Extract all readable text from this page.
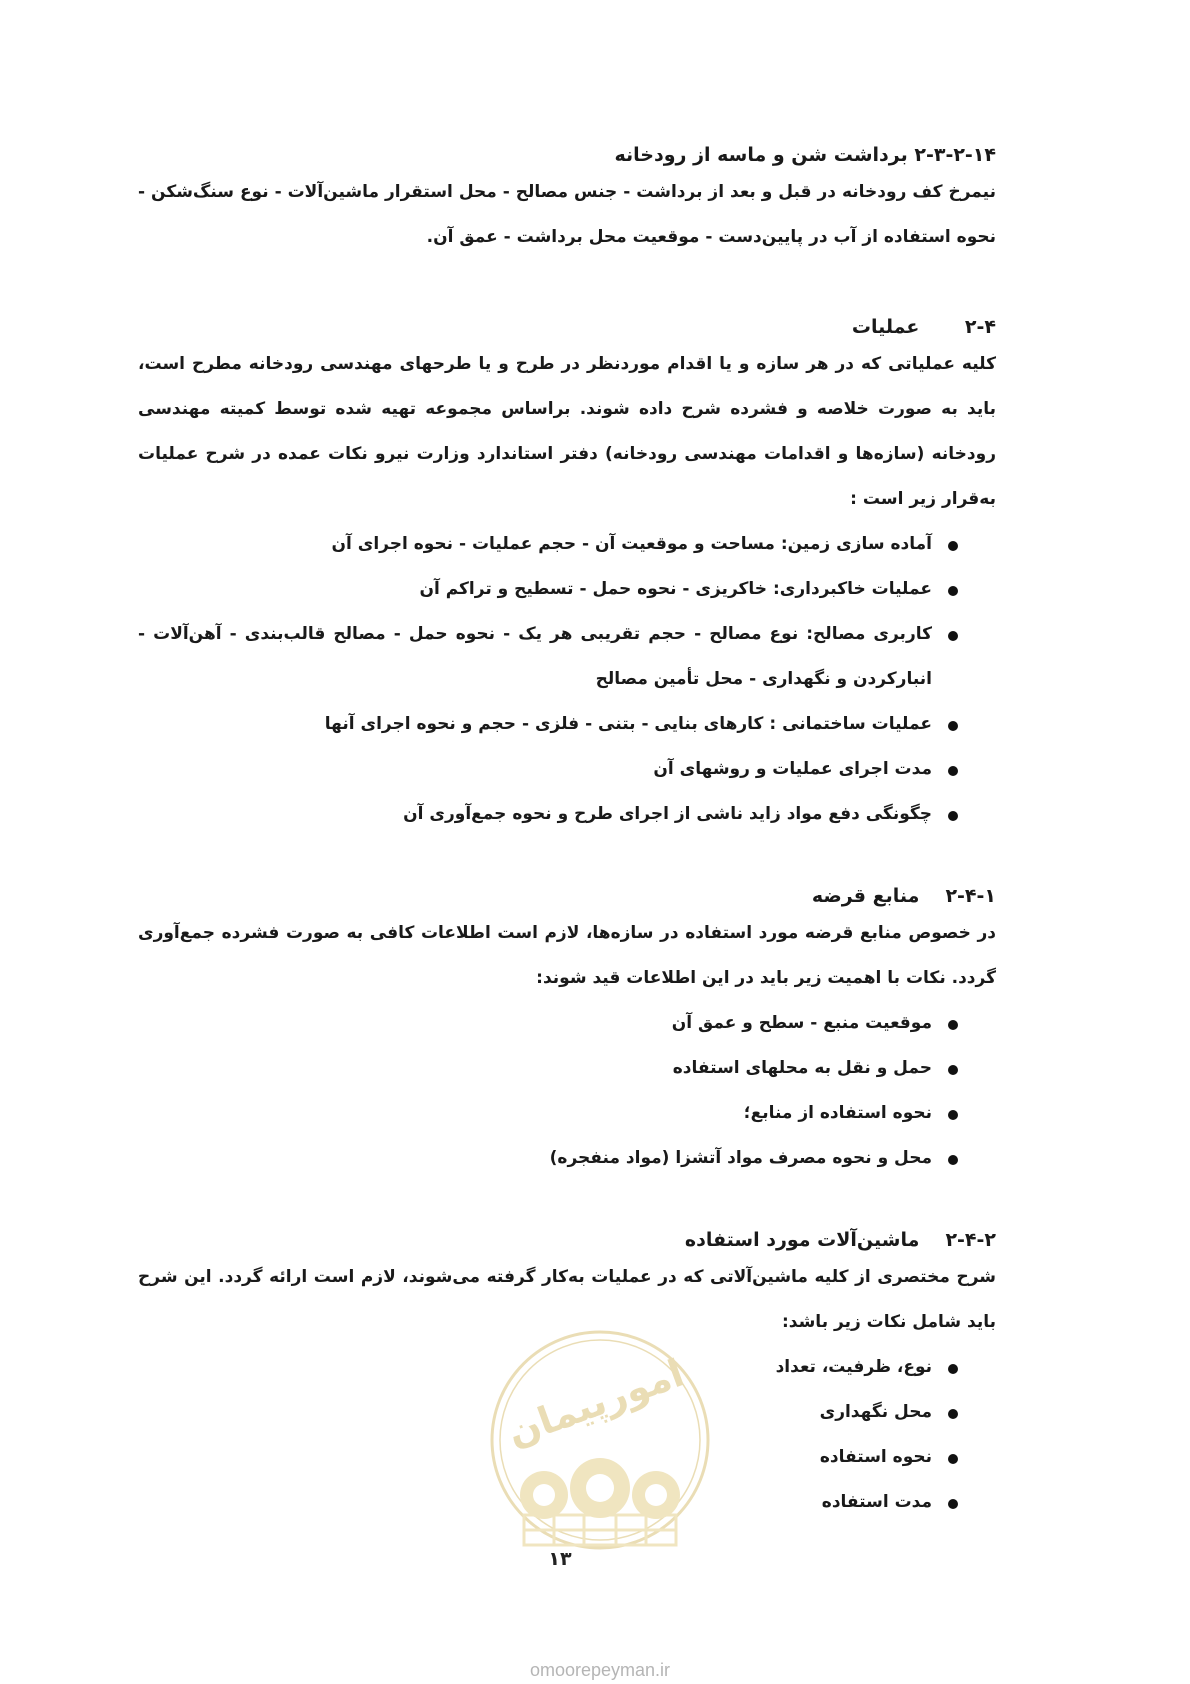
۲-۳-۲-۱۴ برداشت شن و ماسه از رودخانه

نیمرخ کف رودخانه در قبل و بعد از برداشت - جنس مصالح - محل استقرار ماشین‌آلات - نوع سنگ‌شکن - نحوه استفاده از آب در پایین‌دست - موقعیت محل برداشت - عمق آن.

۲-۴ عملیات

کلیه عملیاتی که در هر سازه و یا اقدام موردنظر در طرح و یا طرحهای مهندسی رودخانه مطرح است، باید به صورت خلاصه و فشرده شرح داده شوند. براساس مجموعه تهیه شده توسط کمیته مهندسی رودخانه (سازه‌ها و اقدامات مهندسی رودخانه) دفتر استاندارد وزارت نیرو نکات عمده در شرح عملیات به‌قرار زیر است :

آماده سازی زمین: مساحت و موقعیت آن - حجم عملیات - نحوه اجرای آن
عملیات خاکبرداری: خاکریزی - نحوه حمل - تسطیح و تراکم آن
کاربری مصالح: نوع مصالح - حجم تقریبی هر یک - نحوه حمل - مصالح قالب‌بندی - آهن‌آلات - انبارکردن و نگهداری - محل تأمین مصالح
عملیات ساختمانی : کارهای بنایی - بتنی - فلزی - حجم و نحوه اجرای آنها
مدت اجرای عملیات و روشهای آن
چگونگی دفع مواد زاید ناشی از اجرای طرح و نحوه جمع‌آوری آن
۲-۴-۱ منابع قرضه

در خصوص منابع قرضه مورد استفاده در سازه‌ها، لازم است اطلاعات کافی به صورت فشرده جمع‌آوری گردد. نکات با اهمیت زیر باید در این اطلاعات قید شوند:

موقعیت منبع - سطح و عمق آن
حمل و نقل به محلهای استفاده
نحوه استفاده از منابع؛
محل و نحوه مصرف مواد آتشزا (مواد منفجره)
۲-۴-۲ ماشین‌آلات مورد استفاده

شرح مختصری از کلیه ماشین‌آلاتی که در عملیات به‌کار گرفته می‌شوند، لازم است ارائه گردد. این شرح باید شامل نکات زیر باشد:

نوع، ظرفیت، تعداد
محل نگهداری
نحوه استفاده
مدت استفاده
امورپیمان
۱۳
omoorepeyman.ir
